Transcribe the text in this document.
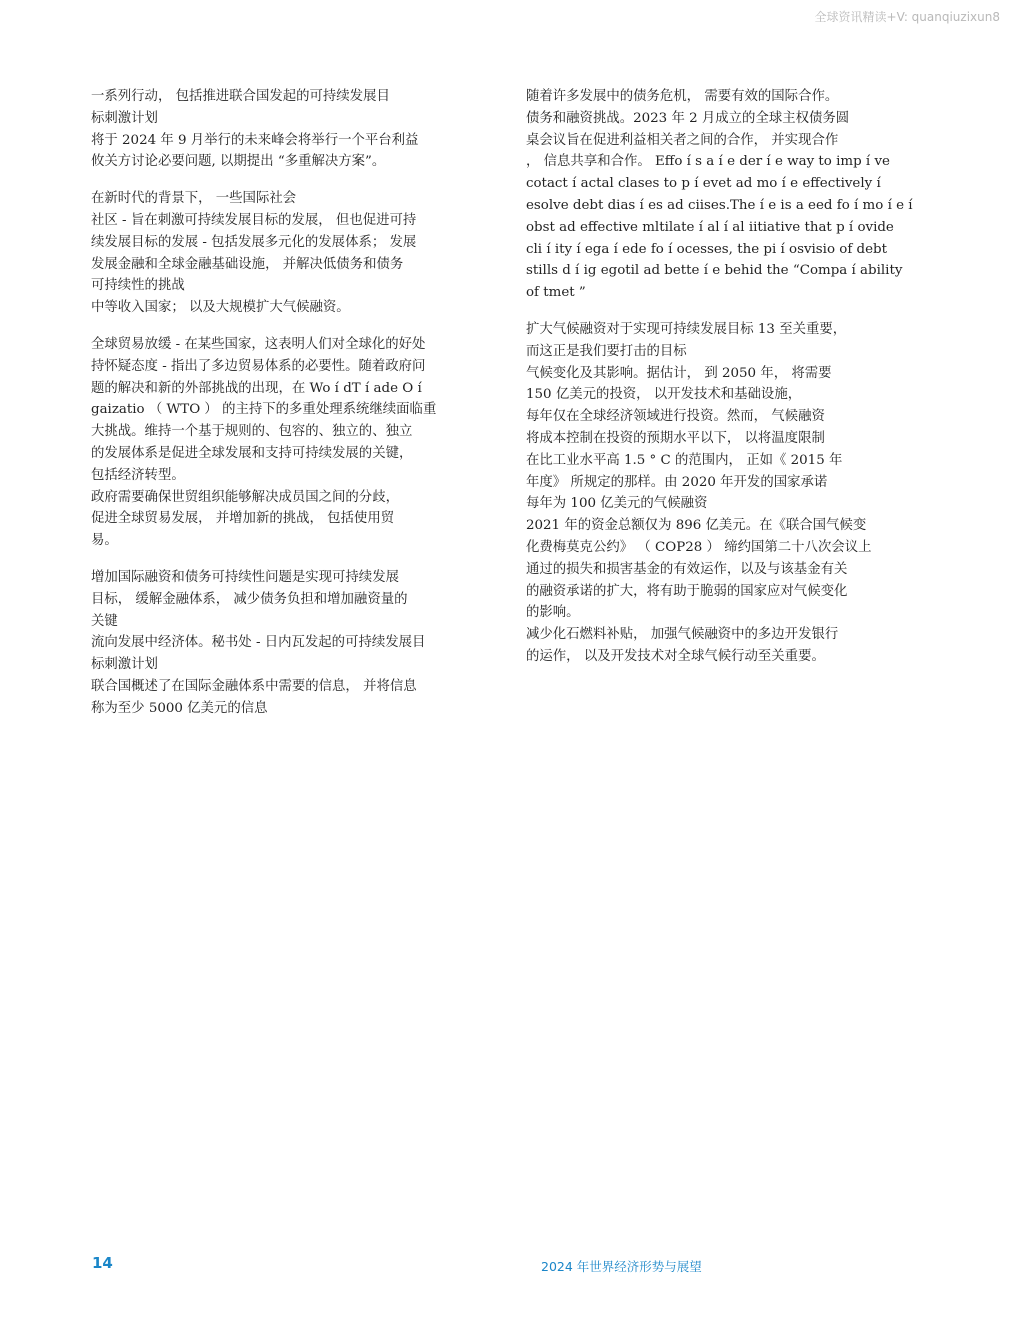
全球资讯精读+V: quanqiuzixun8
一系列行动， 包括推进联合国发起的可持续发展目
标刺激计划
将于 2024 年 9 月举行的未来峰会将举行一个平台利益
攸关方讨论必要问题, 以期提出 “多重解决方案”。
在新时代的背景下， 一些国际社会
社区 - 旨在刺激可持续发展目标的发展， 但也促进可持
续发展目标的发展 - 包括发展多元化的发展体系； 发展
发展金融和全球金融基础设施， 并解决低债务和债务
可持续性的挑战
中等收入国家； 以及大规模扩大气候融资。
全球贸易放缓 - 在某些国家，这表明人们对全球化的好处
持怀疑态度 - 指出了多边贸易体系的必要性。随着政府问
题的解决和新的外部挑战的出现，在 Wo í dT í ade O í
gaizatio （ WTO ） 的主持下的多重处理系统继续面临重
大挑战。维持一个基于规则的、包容的、独立的、独立
的发展体系是促进全球发展和支持可持续发展的关键，
包括经济转型。
政府需要确保世贸组织能够解决成员国之间的分歧，
促进全球贸易发展， 并增加新的挑战， 包括使用贸
易。
增加国际融资和债务可持续性问题是实现可持续发展
目标， 缓解金融体系， 减少债务负担和增加融资量的
关键
流向发展中经济体。秘书处 - 日内瓦发起的可持续发展目
标刺激计划
联合国概述了在国际金融体系中需要的信息， 并将信息
称为至少 5000 亿美元的信息
随着许多发展中的债务危机， 需要有效的国际合作。
债务和融资挑战。2023 年 2 月成立的全球主权债务圆
桌会议旨在促进利益相关者之间的合作， 并实现合作
， 信息共享和合作。 Effo í s a í e der í e way to imp í ve
cotact í actal clases to p í evet ad mo í e effectively í
esolve debt dias í es ad ciises.The í e is a eed fo í mo í e í
obst ad effective mltilate í al í al iitiative that p í ovide
cli í ity í ega í ede fo í ocesses, the pi í osvisio of debt
stills d í ig egotil ad bette í e behid the “Compa í ability
of tmet ”
扩大气候融资对于实现可持续发展目标 13 至关重要，
而这正是我们要打击的目标
气候变化及其影响。据估计， 到 2050 年， 将需要
150 亿美元的投资， 以开发技术和基础设施，
每年仅在全球经济领域进行投资。然而， 气候融资
将成本控制在投资的预期水平以下， 以将温度限制
在比工业水平高 1.5 ° C 的范围内， 正如《 2015 年
年度》 所规定的那样。由 2020 年开发的国家承诺
每年为 100 亿美元的气候融资
2021 年的资金总额仅为 896 亿美元。在《联合国气候变
化费梅莫克公约》 （ COP28 ） 缔约国第二十八次会议上
通过的损失和损害基金的有效运作，以及与该基金有关
的融资承诺的扩大，将有助于脆弱的国家应对气候变化
的影响。
减少化石燃料补贴， 加强气候融资中的多边开发银行
的运作， 以及开发技术对全球气候行动至关重要。
14	2024 年世界经济形势与展望
